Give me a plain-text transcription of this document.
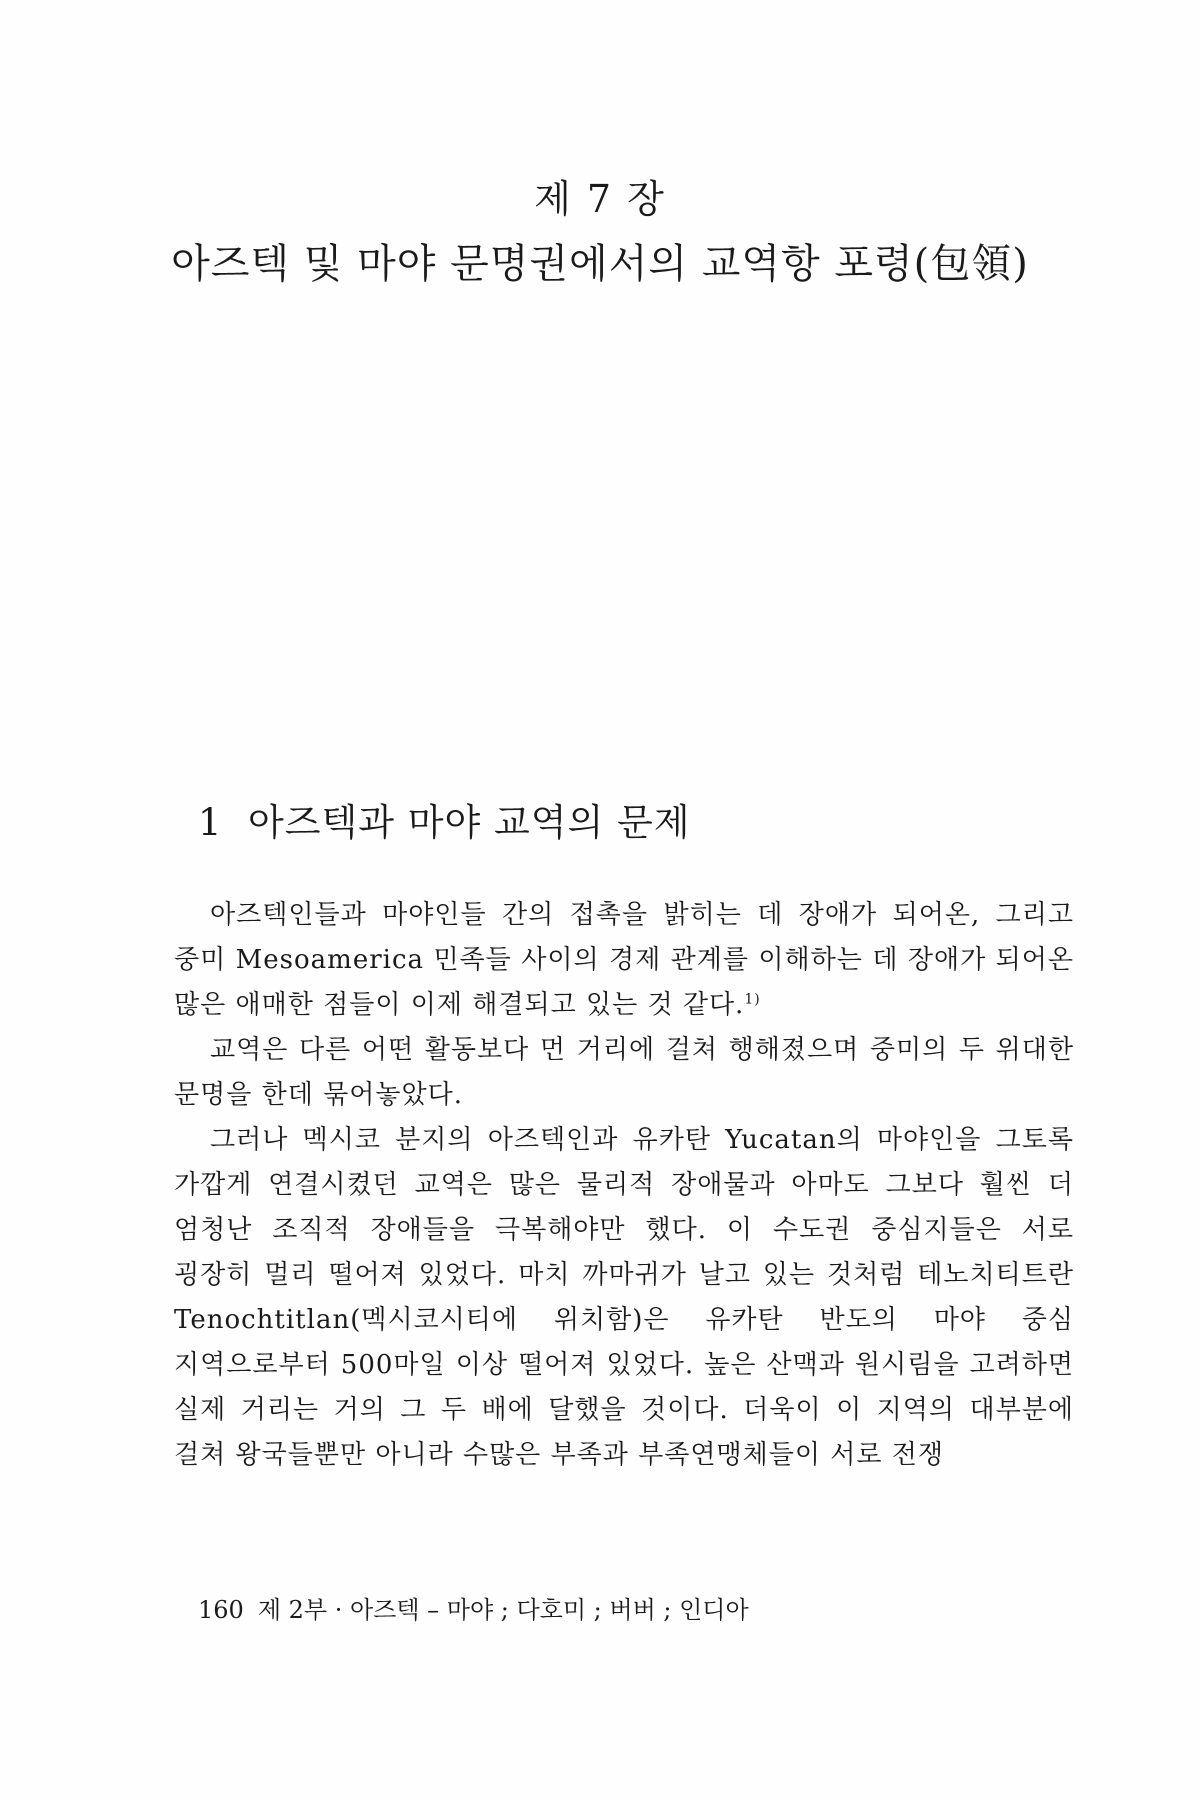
제 7 장
아즈텍 및 마야 문명권에서의 교역항 포령(包領)
1 아즈텍과 마야 교역의 문제

아즈텍인들과 마야인들 간의 접촉을 밝히는 데 장애가 되어온, 그리고 중미 Mesoamerica 민족들 사이의 경제 관계를 이해하는 데 장애가 되어온 많은 애매한 점들이 이제 해결되고 있는 것 같다.$^{1)}$

교역은 다른 어떤 활동보다 먼 거리에 걸쳐 행해졌으며 중미의 두 위대한 문명을 한데 묶어놓았다.

그러나 멕시코 분지의 아즈텍인과 유카탄 Yucatan의 마야인을 그토록 가깝게 연결시켰던 교역은 많은 물리적 장애물과 아마도 그보다 훨씬 더 엄청난 조직적 장애들을 극복해야만 했다. 이 수도권 중심지들은 서로 굉장히 멀리 떨어져 있었다. 마치 까마귀가 날고 있는 것처럼 테노치티트란 Tenochtitlan(멕시코시티에 위치함)은 유카탄 반도의 마야 중심 지역으로부터 500마일 이상 떨어져 있었다. 높은 산맥과 원시림을 고려하면 실제 거리는 거의 그 두 배에 달했을 것이다. 더욱이 이 지역의 대부분에 걸쳐 왕국들뿐만 아니라 수많은 부족과 부족연맹체들이 서로 전쟁

160 제 2부 · 아즈텍 – 마야 ; 다호미 ; 버버 ; 인디아
